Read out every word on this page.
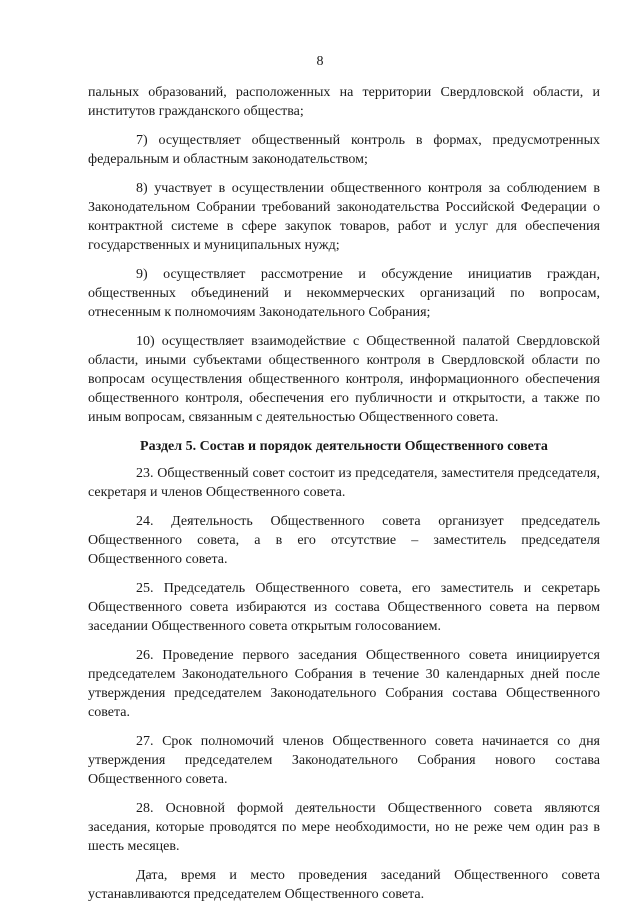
8

пальных образований, расположенных на территории Свердловской области, и институтов гражданского общества;

7) осуществляет общественный контроль в формах, предусмотренных федеральным и областным законодательством;

8) участвует в осуществлении общественного контроля за соблюдением в Законодательном Собрании требований законодательства Российской Федерации о контрактной системе в сфере закупок товаров, работ и услуг для обеспечения государственных и муниципальных нужд;

9) осуществляет рассмотрение и обсуждение инициатив граждан, общественных объединений и некоммерческих организаций по вопросам, отнесенным к полномочиям Законодательного Собрания;

10) осуществляет взаимодействие с Общественной палатой Свердловской области, иными субъектами общественного контроля в Свердловской области по вопросам осуществления общественного контроля, информационного обеспечения общественного контроля, обеспечения его публичности и открытости, а также по иным вопросам, связанным с деятельностью Общественного совета.

Раздел 5. Состав и порядок деятельности Общественного совета

23. Общественный совет состоит из председателя, заместителя председателя, секретаря и членов Общественного совета.

24. Деятельность Общественного совета организует председатель Общественного совета, а в его отсутствие – заместитель председателя Общественного совета.

25. Председатель Общественного совета, его заместитель и секретарь Общественного совета избираются из состава Общественного совета на первом заседании Общественного совета открытым голосованием.

26. Проведение первого заседания Общественного совета инициируется председателем Законодательного Собрания в течение 30 календарных дней после утверждения председателем Законодательного Собрания состава Общественного совета.

27. Срок полномочий членов Общественного совета начинается со дня утверждения председателем Законодательного Собрания нового состава Общественного совета.

28. Основной формой деятельности Общественного совета являются заседания, которые проводятся по мере необходимости, но не реже чем один раз в шесть месяцев.

Дата, время и место проведения заседаний Общественного совета устанавливаются председателем Общественного совета.
